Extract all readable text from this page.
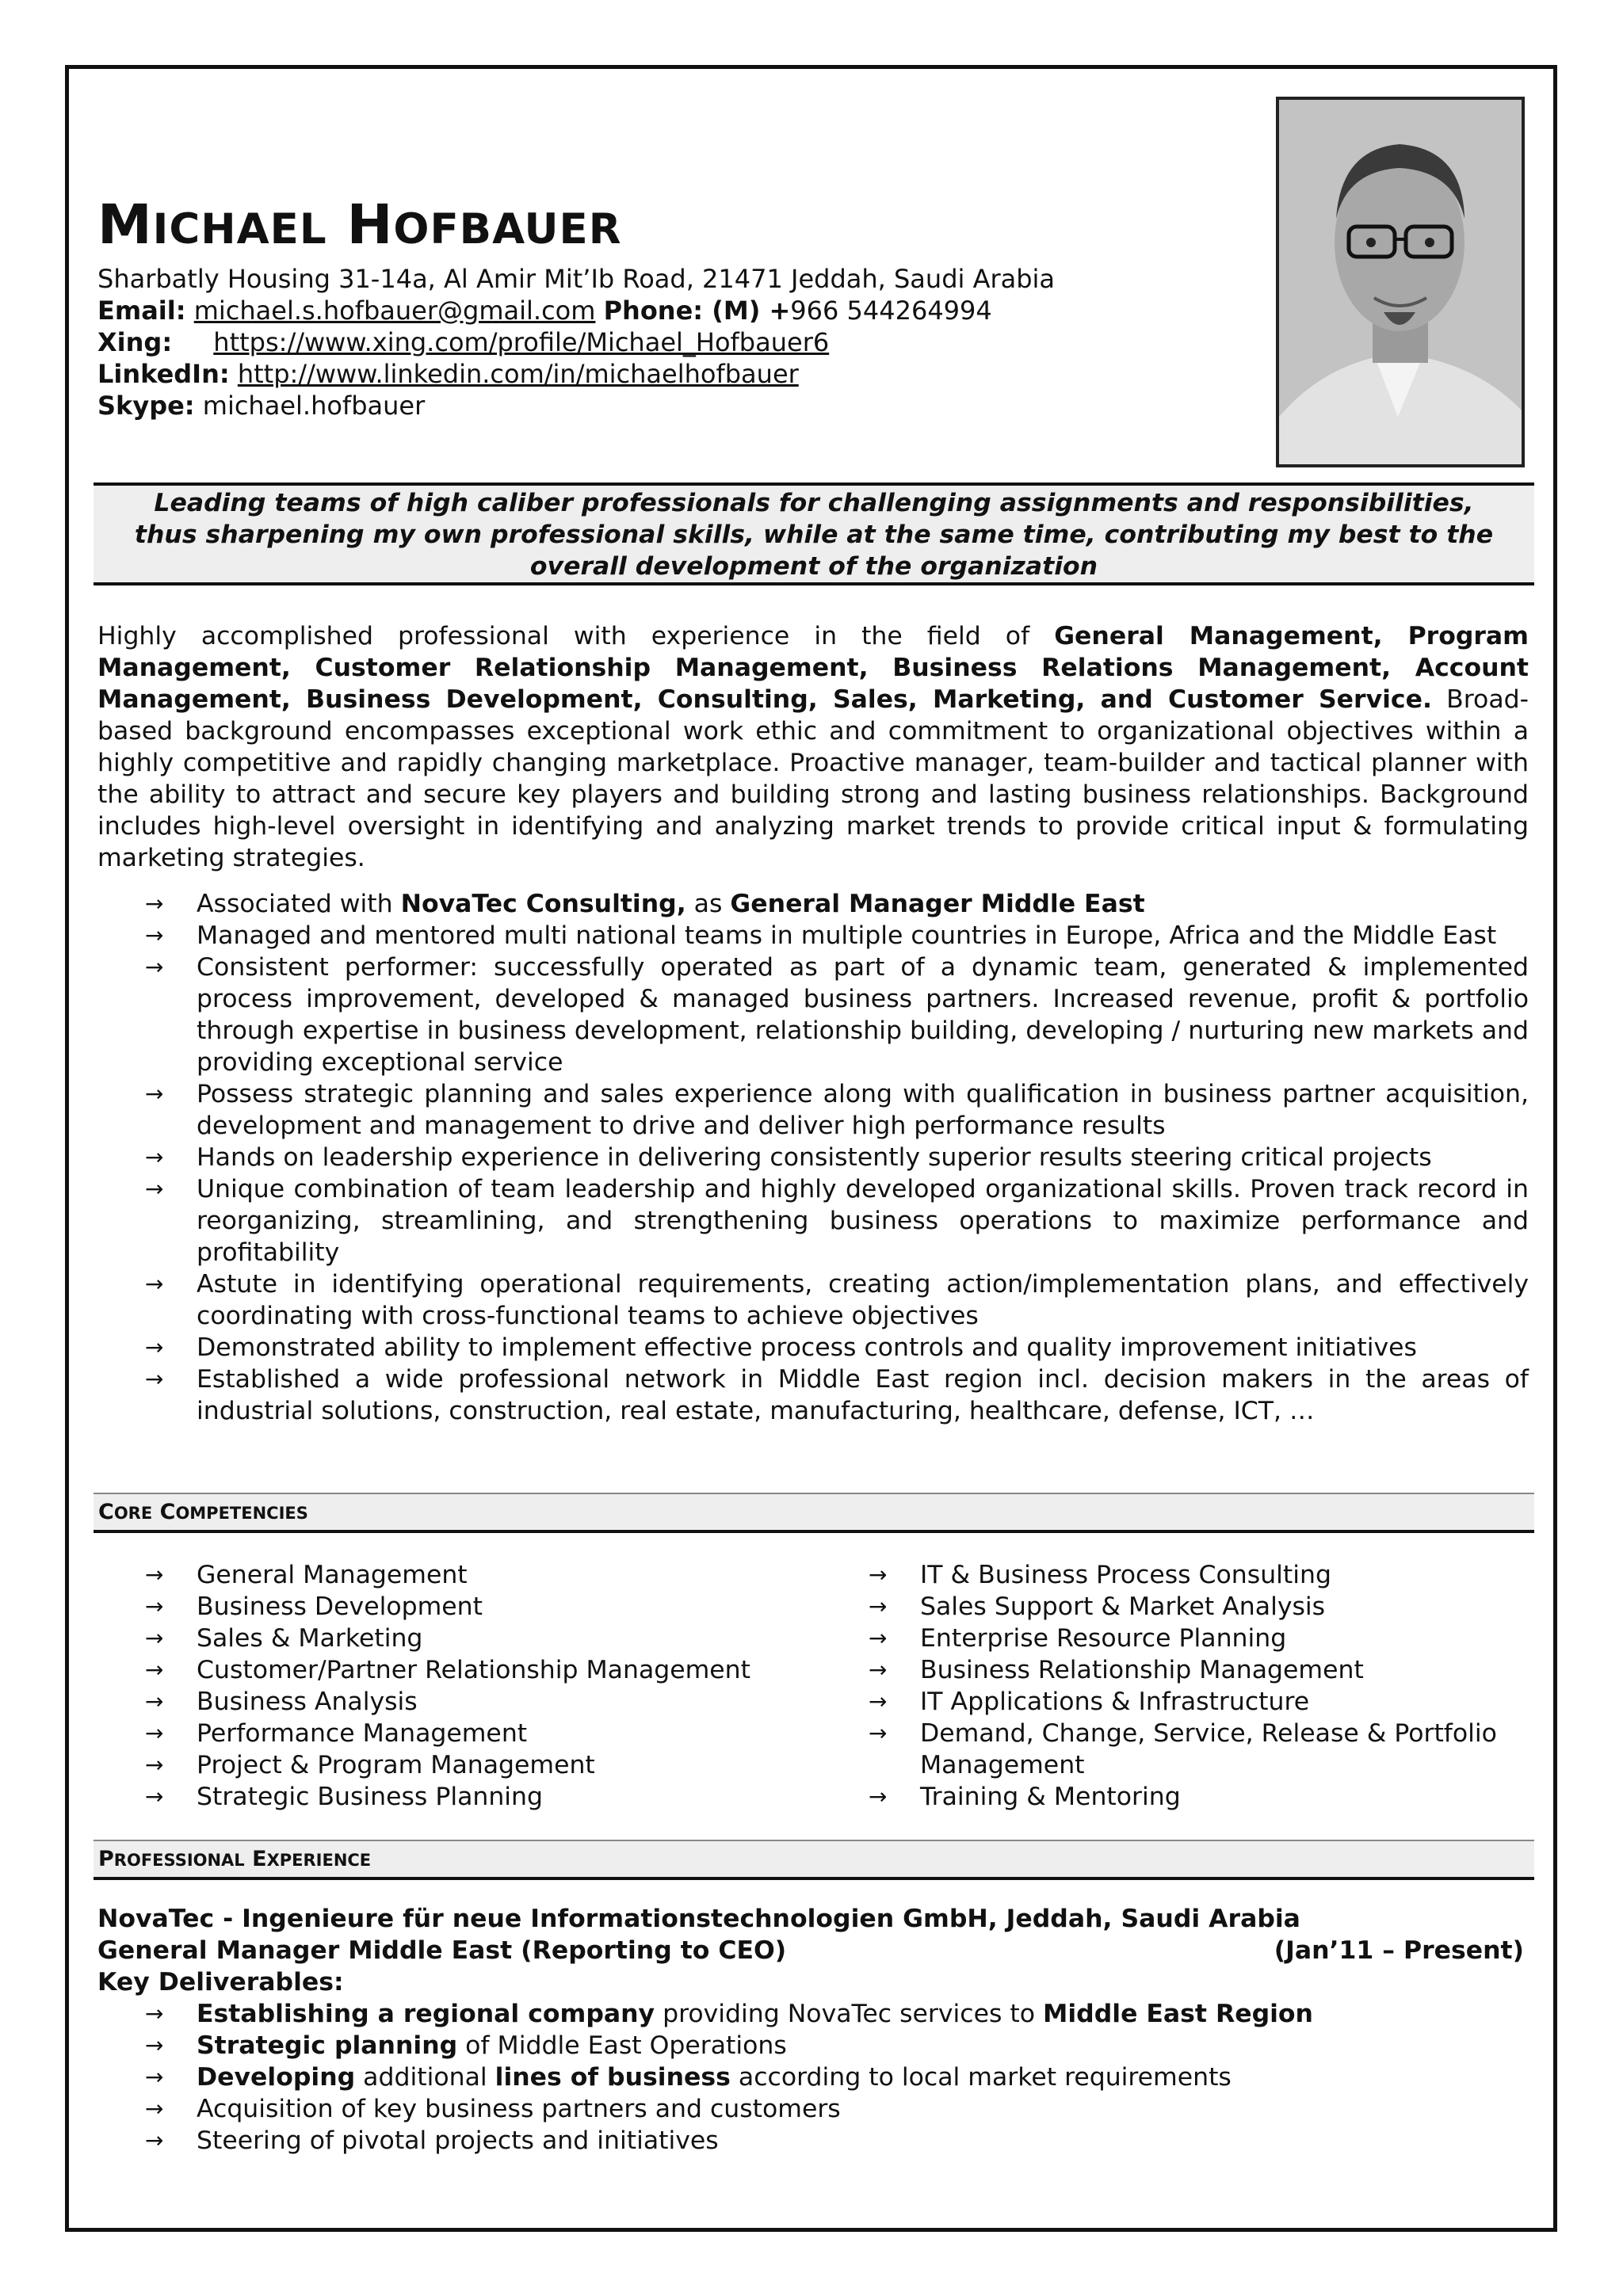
MICHAEL HOFBAUER
Sharbatly Housing 31-14a, Al Amir Mit’Ib Road, 21471 Jeddah, Saudi Arabia
Email: michael.s.hofbauer@gmail.com Phone: (M) +966 544264994
Xing: https://www.xing.com/profile/Michael_Hofbauer6
LinkedIn: http://www.linkedin.com/in/michaelhofbauer
Skype: michael.hofbauer
Leading teams of high caliber professionals for challenging assignments and responsibilities,
thus sharpening my own professional skills, while at the same time, contributing my best to the
overall development of the organization
Highly accomplished professional with experience in the field of General Management, Program Management, Customer Relationship Management, Business Relations Management, Account Management, Business Development, Consulting, Sales, Marketing, and Customer Service. Broad-based background encompasses exceptional work ethic and commitment to organizational objectives within a highly competitive and rapidly changing marketplace. Proactive manager, team-builder and tactical planner with the ability to attract and secure key players and building strong and lasting business relationships. Background includes high-level oversight in identifying and analyzing market trends to provide critical input & formulating marketing strategies.
→ Associated with NovaTec Consulting, as General Manager Middle East
→ Managed and mentored multi national teams in multiple countries in Europe, Africa and the Middle East
→ Consistent performer: successfully operated as part of a dynamic team, generated & implemented process improvement, developed & managed business partners. Increased revenue, profit & portfolio through expertise in business development, relationship building, developing / nurturing new markets and providing exceptional service
→ Possess strategic planning and sales experience along with qualification in business partner acquisition, development and management to drive and deliver high performance results
→ Hands on leadership experience in delivering consistently superior results steering critical projects
→ Unique combination of team leadership and highly developed organizational skills. Proven track record in reorganizing, streamlining, and strengthening business operations to maximize performance and profitability
→ Astute in identifying operational requirements, creating action/implementation plans, and effectively coordinating with cross-functional teams to achieve objectives
→ Demonstrated ability to implement effective process controls and quality improvement initiatives
→ Established a wide professional network in Middle East region incl. decision makers in the areas of industrial solutions, construction, real estate, manufacturing, healthcare, defense, ICT, …
CORE COMPETENCIES
→ General Management
→ Business Development
→ Sales & Marketing
→ Customer/Partner Relationship Management
→ Business Analysis
→ Performance Management
→ Project & Program Management
→ Strategic Business Planning
→ IT & Business Process Consulting
→ Sales Support & Market Analysis
→ Enterprise Resource Planning
→ Business Relationship Management
→ IT Applications & Infrastructure
→ Demand, Change, Service, Release & Portfolio Management
→ Training & Mentoring
PROFESSIONAL EXPERIENCE
NovaTec - Ingenieure für neue Informationstechnologien GmbH, Jeddah, Saudi Arabia
General Manager Middle East (Reporting to CEO)	(Jan’11 – Present)
Key Deliverables:
→ Establishing a regional company providing NovaTec services to Middle East Region
→ Strategic planning of Middle East Operations
→ Developing additional lines of business according to local market requirements
→ Acquisition of key business partners and customers
→ Steering of pivotal projects and initiatives
